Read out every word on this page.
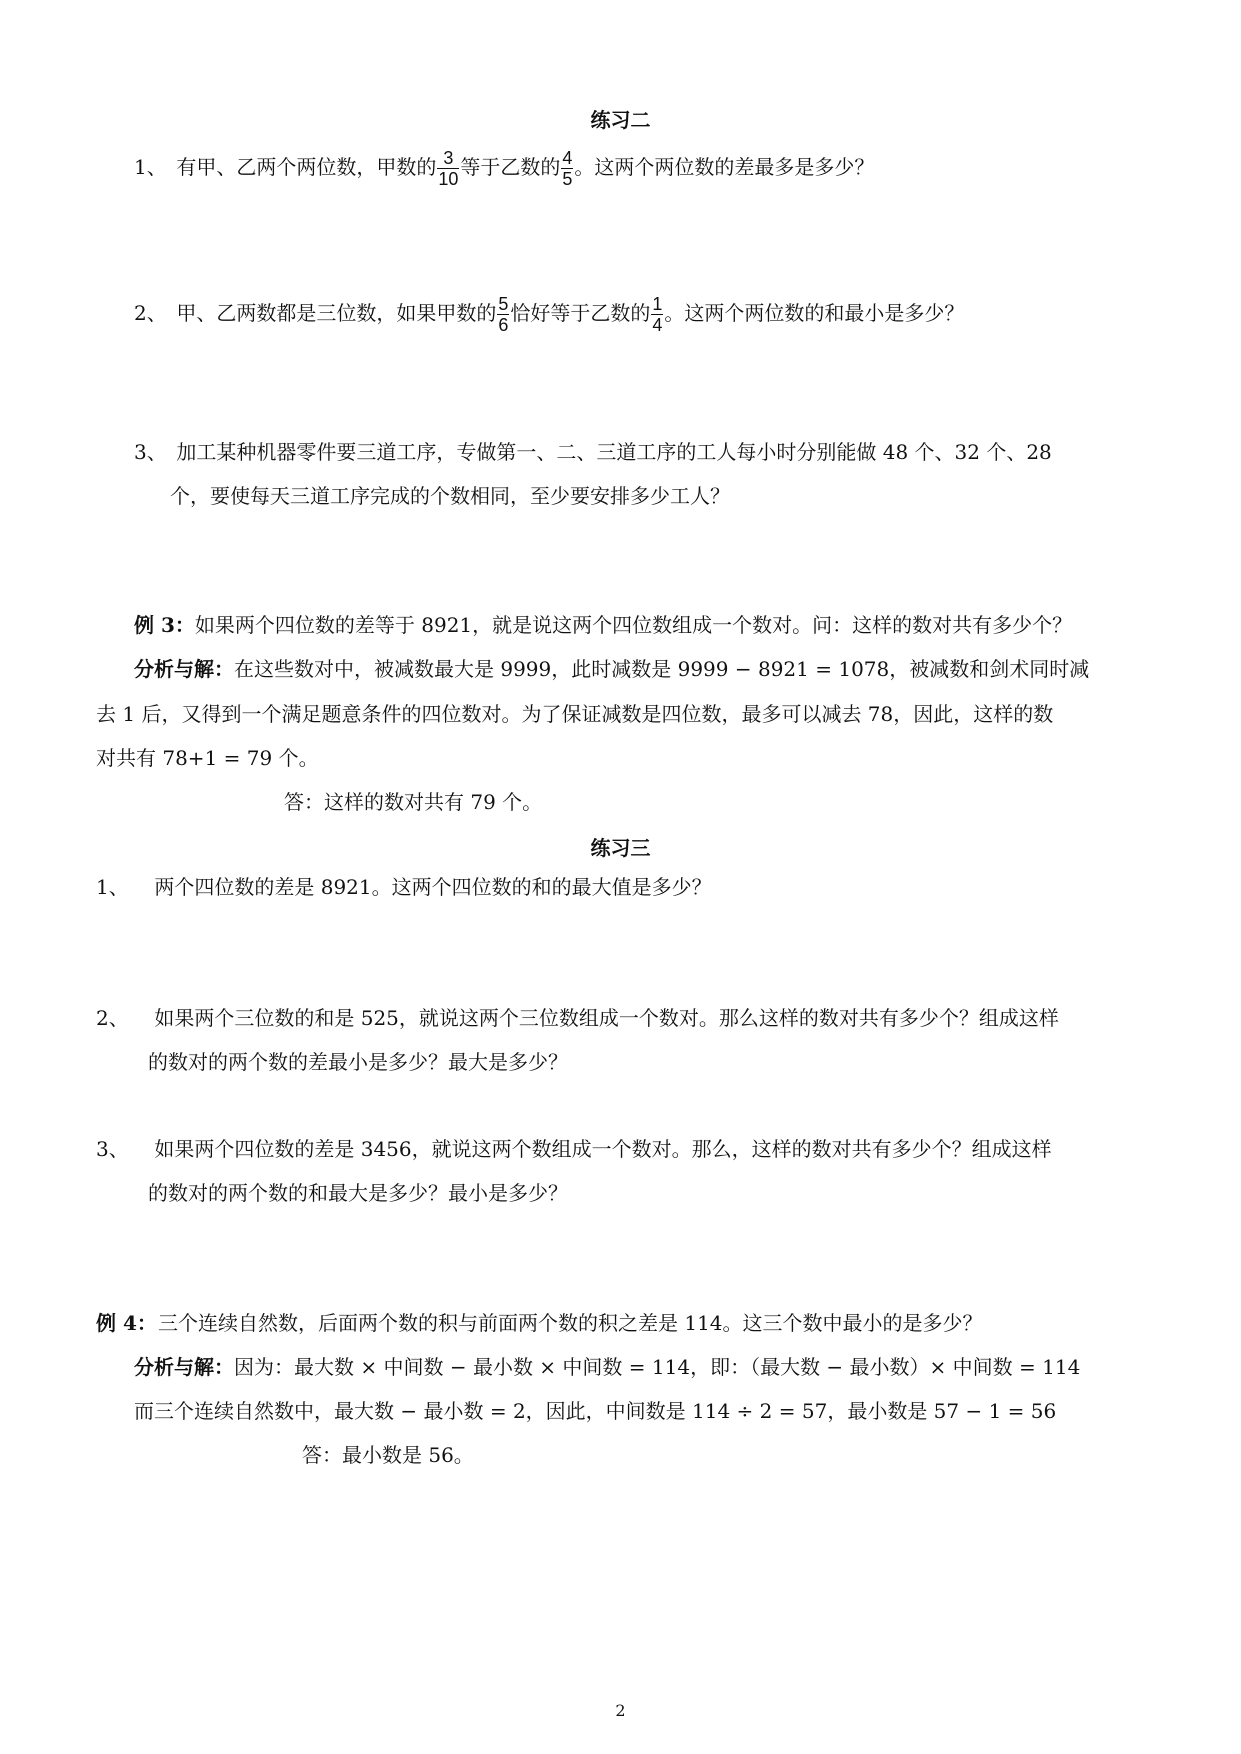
练习二
1、 有甲、乙两个两位数，甲数的 $\frac{3}{10}$ 等于乙数的 $\frac{4}{5}$ 。这两个两位数的差最多是多少？
2、 甲、乙两数都是三位数，如果甲数的 $\frac{5}{6}$ 恰好等于乙数的 $\frac{1}{4}$ 。这两个两位数的和最小是多少？
3、 加工某种机器零件要三道工序，专做第一、二、三道工序的工人每小时分别能做 48 个、32 个、28
个，要使每天三道工序完成的个数相同，至少要安排多少工人？
例 3：如果两个四位数的差等于 8921，就是说这两个四位数组成一个数对。问：这样的数对共有多少个？
分析与解：在这些数对中，被减数最大是 9999，此时减数是 9999 − 8921 = 1078，被减数和剑术同时减
去 1 后，又得到一个满足题意条件的四位数对。为了保证减数是四位数，最多可以减去 78，因此，这样的数
对共有 78+1 = 79 个。
答：这样的数对共有 79 个。
练习三
1、 两个四位数的差是 8921。这两个四位数的和的最大值是多少？
2、 如果两个三位数的和是 525，就说这两个三位数组成一个数对。那么这样的数对共有多少个？组成这样
的数对的两个数的差最小是多少？最大是多少？
3、 如果两个四位数的差是 3456，就说这两个数组成一个数对。那么，这样的数对共有多少个？组成这样
的数对的两个数的和最大是多少？最小是多少？
例 4：三个连续自然数，后面两个数的积与前面两个数的积之差是 114。这三个数中最小的是多少？
分析与解：因为：最大数 × 中间数 − 最小数 × 中间数 = 114，即：（最大数 − 最小数）× 中间数 = 114
而三个连续自然数中，最大数 − 最小数 = 2，因此，中间数是 114 ÷ 2 = 57，最小数是 57 − 1 = 56
答：最小数是 56。
2
